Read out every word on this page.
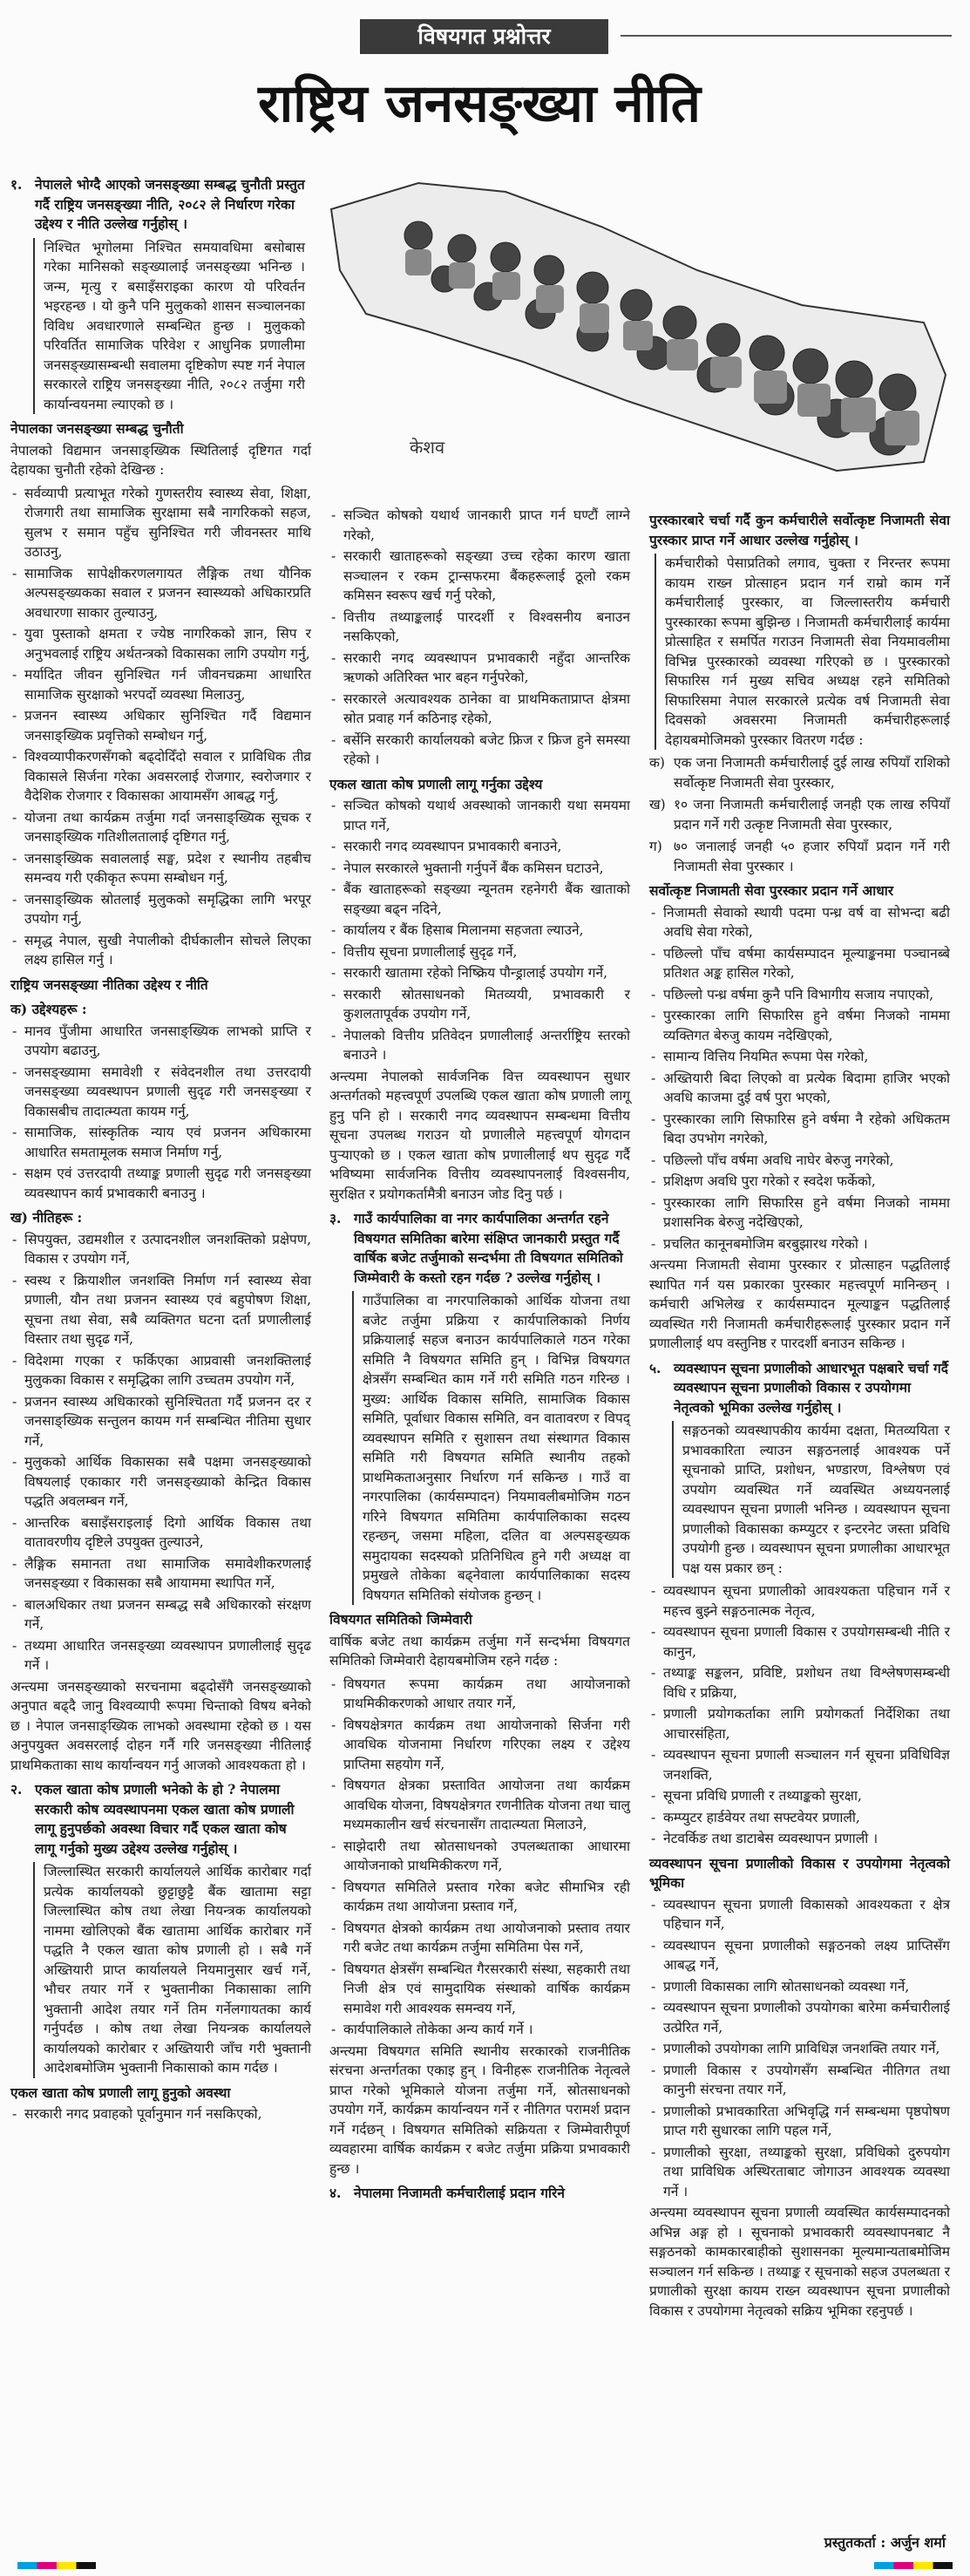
विषयगत प्रश्नोत्तर
राष्ट्रिय जनसङ्ख्या नीति
केशव
१. नेपालले भोग्दै आएको जनसङ्ख्या सम्बद्ध चुनौती प्रस्तुत गर्दै राष्ट्रिय जनसङ्ख्या नीति, २०८२ ले निर्धारण गरेका उद्देश्य र नीति उल्लेख गर्नुहोस् ।

निश्चित भूगोलमा निश्चित समयावधिमा बसोबास गरेका मानिसको सङ्ख्यालाई जनसङ्ख्या भनिन्छ । जन्म, मृत्यु र बसाइँसराइका कारण यो परिवर्तन भइरहन्छ । यो कुनै पनि मुलुकको शासन सञ्चालनका विविध अवधारणाले सम्बन्धित हुन्छ । मुलुकको परिवर्तित सामाजिक परिवेश र आधुनिक प्रणालीमा जनसङ्ख्यासम्बन्धी सवालमा दृष्टिकोण स्पष्ट गर्न नेपाल सरकारले राष्ट्रिय जनसङ्ख्या नीति, २०८२ तर्जुमा गरी कार्यान्वयनमा ल्याएको छ ।

नेपालका जनसङ्ख्या सम्बद्ध चुनौती

नेपालको विद्यमान जनसाङ्ख्यिक स्थितिलाई दृष्टिगत गर्दा देहायका चुनौती रहेको देखिन्छ :

- सर्वव्यापी प्रत्याभूत गरेको गुणस्तरीय स्वास्थ्य सेवा, शिक्षा, रोजगारी तथा सामाजिक सुरक्षामा सबै नागरिकको सहज, सुलभ र समान पहुँच सुनिश्चित गरी जीवनस्तर माथि उठाउनु,
- सामाजिक सापेक्षीकरणलगायत लैङ्गिक तथा यौनिक अल्पसङ्ख्यकका सवाल र प्रजनन स्वास्थ्यको अधिकारप्रति अवधारणा साकार तुल्याउनु,
- युवा पुस्ताको क्षमता र ज्येष्ठ नागरिकको ज्ञान, सिप र अनुभवलाई राष्ट्रिय अर्थतन्त्रको विकासका लागि उपयोग गर्नु,
- मर्यादित जीवन सुनिश्चित गर्न जीवनचक्रमा आधारित सामाजिक सुरक्षाको भरपर्दो व्यवस्था मिलाउनु,
- प्रजनन स्वास्थ्य अधिकार सुनिश्चित गर्दै विद्यमान जनसाङ्ख्यिक प्रवृत्तिको सम्बोधन गर्नु,
- विश्वव्यापीकरणसँगको बढ्दोदिँदो सवाल र प्राविधिक तीव्र विकासले सिर्जना गरेका अवसरलाई रोजगार, स्वरोजगार र वैदेशिक रोजगार र विकासका आयामसँग आबद्ध गर्नु,
- योजना तथा कार्यक्रम तर्जुमा गर्दा जनसाङ्ख्यिक सूचक र जनसाङ्ख्यिक गतिशीलतालाई दृष्टिगत गर्नु,
- जनसाङ्ख्यिक सवाललाई सङ्घ, प्रदेश र स्थानीय तहबीच समन्वय गरी एकीकृत रूपमा सम्बोधन गर्नु,
- जनसाङ्ख्यिक स्रोतलाई मुलुकको समृद्धिका लागि भरपूर उपयोग गर्नु,
- समृद्ध नेपाल, सुखी नेपालीको दीर्घकालीन सोचले लिएका लक्ष्य हासिल गर्नु ।

राष्ट्रिय जनसङ्ख्या नीतिका उद्देश्य र नीति

क) उद्देश्यहरू :

- मानव पुँजीमा आधारित जनसाङ्ख्यिक लाभको प्राप्ति र उपयोग बढाउनु,
- जनसङ्ख्यामा समावेशी र संवेदनशील तथा उत्तरदायी जनसङ्ख्या व्यवस्थापन प्रणाली सुदृढ गरी जनसङ्ख्या र विकासबीच तादात्म्यता कायम गर्नु,
- सामाजिक, सांस्कृतिक न्याय एवं प्रजनन अधिकारमा आधारित समतामूलक समाज निर्माण गर्नु,
- सक्षम एवं उत्तरदायी तथ्याङ्क प्रणाली सुदृढ गरी जनसङ्ख्या व्यवस्थापन कार्य प्रभावकारी बनाउनु ।

ख) नीतिहरू :

- सिपयुक्त, उद्यमशील र उत्पादनशील जनशक्तिको प्रक्षेपण, विकास र उपयोग गर्ने,
- स्वस्थ र क्रियाशील जनशक्ति निर्माण गर्न स्वास्थ्य सेवा प्रणाली, यौन तथा प्रजनन स्वास्थ्य एवं बहुपोषण शिक्षा, सूचना तथा सेवा, सबै व्यक्तिगत घटना दर्ता प्रणालीलाई विस्तार तथा सुदृढ गर्ने,
- विदेशमा गएका र फर्किएका आप्रवासी जनशक्तिलाई मुलुकका विकास र समृद्धिका लागि उच्चतम उपयोग गर्ने,
- प्रजनन स्वास्थ्य अधिकारको सुनिश्चितता गर्दै प्रजनन दर र जनसाङ्ख्यिक सन्तुलन कायम गर्न सम्बन्धित नीतिमा सुधार गर्ने,
- मुलुकको आर्थिक विकासका सबै पक्षमा जनसङ्ख्याको विषयलाई एकाकार गरी जनसङ्ख्याको केन्द्रित विकास पद्धति अवलम्बन गर्ने,
- आन्तरिक बसाइँसराइलाई दिगो आर्थिक विकास तथा वातावरणीय दृष्टिले उपयुक्त तुल्याउने,
- लैङ्गिक समानता तथा सामाजिक समावेशीकरणलाई जनसङ्ख्या र विकासका सबै आयाममा स्थापित गर्ने,
- बालअधिकार तथा प्रजनन सम्बद्ध सबै अधिकारको संरक्षण गर्ने,
- तथ्यमा आधारित जनसङ्ख्या व्यवस्थापन प्रणालीलाई सुदृढ गर्ने ।

अन्त्यमा जनसङ्ख्याको सरचनामा बढ्दोसँगै जनसङ्ख्याको अनुपात बढ्दै जानु विश्वव्यापी रूपमा चिन्ताको विषय बनेको छ । नेपाल जनसाङ्ख्यिक लाभको अवस्थामा रहेको छ । यस अनुपयुक्त अवसरलाई दोहन गर्नै गरि जनसङ्ख्या नीतिलाई प्राथमिकताका साथ कार्यान्वयन गर्नु आजको आवश्यकता हो ।

२. एकल खाता कोष प्रणाली भनेको के हो ? नेपालमा सरकारी कोष व्यवस्थापनमा एकल खाता कोष प्रणाली लागू हुनुपर्छको अवस्था विचार गर्दै एकल खाता कोष लागू गर्नुको मुख्य उद्देश्य उल्लेख गर्नुहोस् ।

जिल्लास्थित सरकारी कार्यालयले आर्थिक कारोबार गर्दा प्रत्येक कार्यालयको छुट्टाछुट्टै बैंक खातामा सट्टा जिल्लास्थित कोष तथा लेखा नियन्त्रक कार्यालयको नाममा खोलिएको बैंक खातामा आर्थिक कारोबार गर्ने पद्धति नै एकल खाता कोष प्रणाली हो । सबै गर्ने अख्तियारी प्राप्त कार्यालयले नियमानुसार खर्च गर्ने, भौचर तयार गर्ने र भुक्तानीका निकासाका लागि भुक्तानी आदेश तयार गर्ने तिम गर्नेलगायतका कार्य गर्नुपर्दछ । कोष तथा लेखा नियन्त्रक कार्यालयले कार्यालयको कारोबार र अख्तियारी जाँच गरी भुक्तानी आदेशबमोजिम भुक्तानी निकासाको काम गर्दछ ।

एकल खाता कोष प्रणाली लागू हुनुको अवस्था

- सरकारी नगद प्रवाहको पूर्वानुमान गर्न नसकिएको,
- सञ्चित कोषको यथार्थ जानकारी प्राप्त गर्न घण्टौं लाग्ने गरेको,
- सरकारी खाताहरूको सङ्ख्या उच्च रहेका कारण खाता सञ्चालन र रकम ट्रान्सफरमा बैंकहरूलाई ठूलो रकम कमिसन स्वरूप खर्च गर्नु परेको,
- वित्तीय तथ्याङ्कलाई पारदर्शी र विश्वसनीय बनाउन नसकिएको,
- सरकारी नगद व्यवस्थापन प्रभावकारी नहुँदा आन्तरिक ऋणको अतिरिक्त भार बहन गर्नुपरेको,
- सरकारले अत्यावश्यक ठानेका वा प्राथमिकताप्राप्त क्षेत्रमा स्रोत प्रवाह गर्न कठिनाइ रहेको,
- बर्सेनि सरकारी कार्यालयको बजेट फ्रिज र फ्रिज हुने समस्या रहेको ।

एकल खाता कोष प्रणाली लागू गर्नुका उद्देश्य

- सञ्चित कोषको यथार्थ अवस्थाको जानकारी यथा समयमा प्राप्त गर्ने,
- सरकारी नगद व्यवस्थापन प्रभावकारी बनाउने,
- नेपाल सरकारले भुक्तानी गर्नुपर्ने बैंक कमिसन घटाउने,
- बैंक खाताहरूको सङ्ख्या न्यूनतम रहनेगरी बैंक खाताको सङ्ख्या बढ्न नदिने,
- कार्यालय र बैंक हिसाब मिलानमा सहजता ल्याउने,
- वित्तीय सूचना प्रणालीलाई सुदृढ गर्ने,
- सरकारी खातामा रहेको निष्क्रिय पौन्ड्रालाई उपयोग गर्ने,
- सरकारी स्रोतसाधनको मितव्ययी, प्रभावकारी र कुशलतापूर्वक उपयोग गर्ने,
- नेपालको वित्तीय प्रतिवेदन प्रणालीलाई अन्तर्राष्ट्रिय स्तरको बनाउने ।

अन्त्यमा नेपालको सार्वजनिक वित्त व्यवस्थापन सुधार अन्तर्गतको महत्त्वपूर्ण उपलब्धि एकल खाता कोष प्रणाली लागू हुनु पनि हो । सरकारी नगद व्यवस्थापन सम्बन्धमा वित्तीय सूचना उपलब्ध गराउन यो प्रणालीले महत्त्वपूर्ण योगदान पुर्‍याएको छ । एकल खाता कोष प्रणालीलाई थप सुदृढ गर्दै भविष्यमा सार्वजनिक वित्तीय व्यवस्थापनलाई विश्वसनीय, सुरक्षित र प्रयोगकर्तामैत्री बनाउन जोड दिनु पर्छ ।

३. गाउँ कार्यपालिका वा नगर कार्यपालिका अन्तर्गत रहने विषयगत समितिका बारेमा संक्षिप्त जानकारी प्रस्तुत गर्दै वार्षिक बजेट तर्जुमाको सन्दर्भमा ती विषयगत समितिको जिम्मेवारी के कस्तो रहन गर्दछ ? उल्लेख गर्नुहोस् ।

गाउँपालिका वा नगरपालिकाको आर्थिक योजना तथा बजेट तर्जुमा प्रक्रिया र कार्यपालिकाको निर्णय प्रक्रियालाई सहज बनाउन कार्यपालिकाले गठन गरेका समिति नै विषयगत समिति हुन् । विभिन्न विषयगत क्षेत्रसँग सम्बन्धित काम गर्ने गरी समिति गठन गरिन्छ । मुख्य: आर्थिक विकास समिति, सामाजिक विकास समिति, पूर्वाधार विकास समिति, वन वातावरण र विपद् व्यवस्थापन समिति र सुशासन तथा संस्थागत विकास समिति गरी विषयगत समिति स्थानीय तहको प्राथमिकताअनुसार निर्धारण गर्न सकिन्छ । गाउँ वा नगरपालिका (कार्यसम्पादन) नियमावलीबमोजिम गठन गरिने विषयगत समितिमा कार्यपालिकाका सदस्य रहन्छन्, जसमा महिला, दलित वा अल्पसङ्ख्यक समुदायका सदस्यको प्रतिनिधित्व हुने गरी अध्यक्ष वा प्रमुखले तोकेका बढ्नेवाला कार्यपालिकाका सदस्य विषयगत समितिको संयोजक हुन्छन् ।

विषयगत समितिको जिम्मेवारी

वार्षिक बजेट तथा कार्यक्रम तर्जुमा गर्ने सन्दर्भमा विषयगत समितिको जिम्मेवारी देहायबमोजिम रहने गर्दछ :

- विषयगत रूपमा कार्यक्रम तथा आयोजनाको प्राथमिकीकरणको आधार तयार गर्ने,
- विषयक्षेत्रगत कार्यक्रम तथा आयोजनाको सिर्जना गरी आवधिक योजनामा निर्धारण गरिएका लक्ष्य र उद्देश्य प्राप्तिमा सहयोग गर्ने,
- विषयगत क्षेत्रका प्रस्तावित आयोजना तथा कार्यक्रम आवधिक योजना, विषयक्षेत्रगत रणनीतिक योजना तथा चालु मध्यमकालीन खर्च संरचनासँग तादात्म्यता मिलाउने,
- साझेदारी तथा स्रोतसाधनको उपलब्धताका आधारमा आयोजनाको प्राथमिकीकरण गर्ने,
- विषयगत समितिले प्रस्ताव गरेका बजेट सीमाभित्र रही कार्यक्रम तथा आयोजना प्रस्ताव गर्ने,
- विषयगत क्षेत्रको कार्यक्रम तथा आयोजनाको प्रस्ताव तयार गरी बजेट तथा कार्यक्रम तर्जुमा समितिमा पेस गर्ने,
- विषयगत क्षेत्रसँग सम्बन्धित गैरसरकारी संस्था, सहकारी तथा निजी क्षेत्र एवं सामुदायिक संस्थाको वार्षिक कार्यक्रम समावेश गरी आवश्यक समन्वय गर्ने,
- कार्यपालिकाले तोकेका अन्य कार्य गर्ने ।

अन्त्यमा विषयगत समिति स्थानीय सरकारको राजनीतिक संरचना अन्तर्गतका एकाइ हुन् । विनीहरू राजनीतिक नेतृत्वले प्राप्त गरेको भूमिकाले योजना तर्जुमा गर्ने, स्रोतसाधनको उपयोग गर्ने, कार्यक्रम कार्यान्वयन गर्ने र नीतिगत परामर्श प्रदान गर्ने गर्दछन् । विषयगत समितिको सक्रियता र जिम्मेवारीपूर्ण व्यवहारमा वार्षिक कार्यक्रम र बजेट तर्जुमा प्रक्रिया प्रभावकारी हुन्छ ।

४. नेपालमा निजामती कर्मचारीलाई प्रदान गरिने

पुरस्कारबारे चर्चा गर्दै कुन कर्मचारीले सर्वोत्कृष्ट निजामती सेवा पुरस्कार प्राप्त गर्ने आधार उल्लेख गर्नुहोस् ।

कर्मचारीको पेसाप्रतिको लगाव, चुक्ता र निरन्तर रूपमा कायम राख्न प्रोत्साहन प्रदान गर्न राम्रो काम गर्ने कर्मचारीलाई पुरस्कार, वा जिल्लास्तरीय कर्मचारी पुरस्कारका रूपमा बुझिन्छ । निजामती कर्मचारीलाई कार्यमा प्रोत्साहित र समर्पित गराउन निजामती सेवा नियमावलीमा विभिन्न पुरस्कारको व्यवस्था गरिएको छ । पुरस्कारको सिफारिस गर्न मुख्य सचिव अध्यक्ष रहने समितिको सिफारिसमा नेपाल सरकारले प्रत्येक वर्ष निजामती सेवा दिवसको अवसरमा निजामती कर्मचारीहरूलाई देहायबमोजिमको पुरस्कार वितरण गर्दछ :

क) एक जना निजामती कर्मचारीलाई दुई लाख रुपियाँ राशिको सर्वोत्कृष्ट निजामती सेवा पुरस्कार,
ख) १० जना निजामती कर्मचारीलाई जनही एक लाख रुपियाँ प्रदान गर्ने गरी उत्कृष्ट निजामती सेवा पुरस्कार,
ग) ७० जनालाई जनही ५० हजार रुपियाँ प्रदान गर्ने गरी निजामती सेवा पुरस्कार ।

सर्वोत्कृष्ट निजामती सेवा पुरस्कार प्रदान गर्ने आधार

- निजामती सेवाको स्थायी पदमा पन्ध्र वर्ष वा सोभन्दा बढी अवधि सेवा गरेको,
- पछिल्लो पाँच वर्षमा कार्यसम्पादन मूल्याङ्कनमा पञ्चानब्बे प्रतिशत अङ्क हासिल गरेको,
- पछिल्लो पन्ध्र वर्षमा कुनै पनि विभागीय सजाय नपाएको,
- पुरस्कारका लागि सिफारिस हुने वर्षमा निजको नाममा व्यक्तिगत बेरुजु कायम नदेखिएको,
- सामान्य वित्तिय नियमित रूपमा पेस गरेको,
- अख्तियारी बिदा लिएको वा प्रत्येक बिदामा हाजिर भएको अवधि काजमा दुई वर्ष पुरा भएको,
- पुरस्कारका लागि सिफारिस हुने वर्षमा नै रहेको अधिकतम बिदा उपभोग नगरेको,
- पछिल्लो पाँच वर्षमा अवधि नाघेर बेरुजु नगरेको,
- प्रशिक्षण अवधि पुरा गरेको र स्वदेश फर्केको,
- पुरस्कारका लागि सिफारिस हुने वर्षमा निजको नाममा प्रशासनिक बेरुजु नदेखिएको,
- प्रचलित कानूनबमोजिम बरबुझारथ गरेको ।

अन्त्यमा निजामती सेवामा पुरस्कार र प्रोत्साहन पद्धतिलाई स्थापित गर्न यस प्रकारका पुरस्कार महत्त्वपूर्ण मानिन्छन् । कर्मचारी अभिलेख र कार्यसम्पादन मूल्याङ्कन पद्धतिलाई व्यवस्थित गरी निजामती कर्मचारीहरूलाई पुरस्कार प्रदान गर्ने प्रणालीलाई थप वस्तुनिष्ठ र पारदर्शी बनाउन सकिन्छ ।

५. व्यवस्थापन सूचना प्रणालीको आधारभूत पक्षबारे चर्चा गर्दै व्यवस्थापन सूचना प्रणालीको विकास र उपयोगमा नेतृत्वको भूमिका उल्लेख गर्नुहोस् ।

सङ्गठनको व्यवस्थापकीय कार्यमा दक्षता, मितव्ययिता र प्रभावकारिता ल्याउन सङ्गठनलाई आवश्यक पर्ने सूचनाको प्राप्ति, प्रशोधन, भण्डारण, विश्लेषण एवं उपयोग व्यवस्थित गर्ने व्यवस्थित अध्ययनलाई व्यवस्थापन सूचना प्रणाली भनिन्छ । व्यवस्थापन सूचना प्रणालीको विकासका कम्प्युटर र इन्टरनेट जस्ता प्रविधि उपयोगी हुन्छ । व्यवस्थापन सूचना प्रणालीका आधारभूत पक्ष यस प्रकार छन् :

- व्यवस्थापन सूचना प्रणालीको आवश्यकता पहिचान गर्ने र महत्त्व बुझ्ने सङ्गठनात्मक नेतृत्व,
- व्यवस्थापन सूचना प्रणाली विकास र उपयोगसम्बन्धी नीति र कानुन,
- तथ्याङ्क सङ्कलन, प्रविष्टि, प्रशोधन तथा विश्लेषणसम्बन्धी विधि र प्रक्रिया,
- प्रणाली प्रयोगकर्ताका लागि प्रयोगकर्ता निर्देशिका तथा आचारसंहिता,
- व्यवस्थापन सूचना प्रणाली सञ्चालन गर्न सूचना प्रविधिविज्ञ जनशक्ति,
- सूचना प्रविधि प्रणाली र तथ्याङ्कको सुरक्षा,
- कम्प्युटर हार्डवेयर तथा सफ्टवेयर प्रणाली,
- नेटवर्किङ तथा डाटाबेस व्यवस्थापन प्रणाली ।

व्यवस्थापन सूचना प्रणालीको विकास र उपयोगमा नेतृत्वको भूमिका

- व्यवस्थापन सूचना प्रणाली विकासको आवश्यकता र क्षेत्र पहिचान गर्ने,
- व्यवस्थापन सूचना प्रणालीको सङ्गठनको लक्ष्य प्राप्तिसँग आबद्ध गर्ने,
- प्रणाली विकासका लागि स्रोतसाधनको व्यवस्था गर्ने,
- व्यवस्थापन सूचना प्रणालीको उपयोगका बारेमा कर्मचारीलाई उत्प्रेरित गर्ने,
- प्रणालीको उपयोगका लागि प्राविधिज्ञ जनशक्ति तयार गर्ने,
- प्रणाली विकास र उपयोगसँग सम्बन्धित नीतिगत तथा कानुनी संरचना तयार गर्ने,
- प्रणालीको प्रभावकारिता अभिवृद्धि गर्न सम्बन्धमा पृष्ठपोषण प्राप्त गरी सुधारका लागि पहल गर्ने,
- प्रणालीको सुरक्षा, तथ्याङ्कको सुरक्षा, प्रविधिको दुरुपयोग तथा प्राविधिक अस्थिरताबाट जोगाउन आवश्यक व्यवस्था गर्ने ।

अन्त्यमा व्यवस्थापन सूचना प्रणाली व्यवस्थित कार्यसम्पादनको अभिन्न अङ्ग हो । सूचनाको प्रभावकारी व्यवस्थापनबाट नै सङ्गठनको कामकारबाहीको सुशासनका मूल्यमान्यताबमोजिम सञ्चालन गर्न सकिन्छ । तथ्याङ्क र सूचनाको सहज उपलब्धता र प्रणालीको सुरक्षा कायम राख्न व्यवस्थापन सूचना प्रणालीको विकास र उपयोगमा नेतृत्वको सक्रिय भूमिका रहनुपर्छ ।

प्रस्तुतकर्ता : अर्जुन शर्मा
